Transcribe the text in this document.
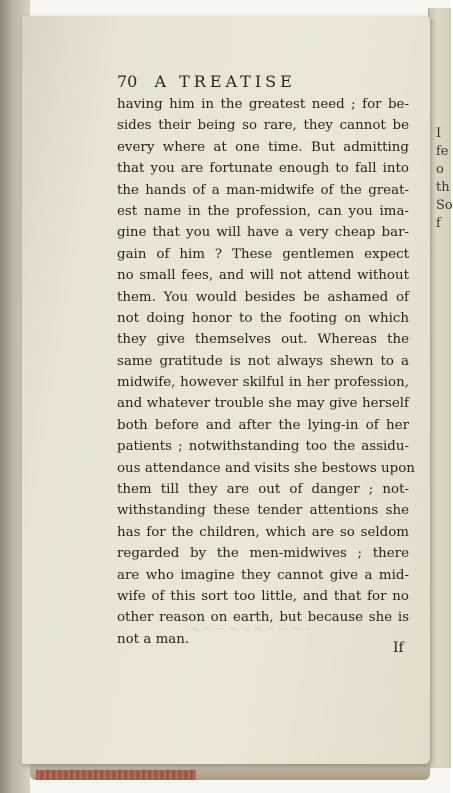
I
fe
o
th
So
f
70 A TREATISE
~ ~ ~ ~ ~ ~ ~ ~ ~ ~
having him in the greatest need ; for be-
sides their being so rare, they cannot be
every where at one time. But admitting
that you are fortunate enough to fall into
the hands of a man-midwife of the great-
est name in the profession, can you ima-
gine that you will have a very cheap bar-
gain of him ? These gentlemen expect
no small fees, and will not attend without
them. You would besides be ashamed of
not doing honor to the footing on which
they give themselves out. Whereas the
same gratitude is not always shewn to a
midwife, however skilful in her profession,
and whatever trouble she may give herself
both before and after the lying-in of her
patients ; notwithstanding too the assidu-
ous attendance and visits she bestows upon
them till they are out of danger ; not-
withstanding these tender attentions she
has for the children, which are so seldom
regarded by the men-midwives ; there
are who imagine they cannot give a mid-
wife of this sort too little, and that for no
other reason on earth, but because she is
not a man.
If
